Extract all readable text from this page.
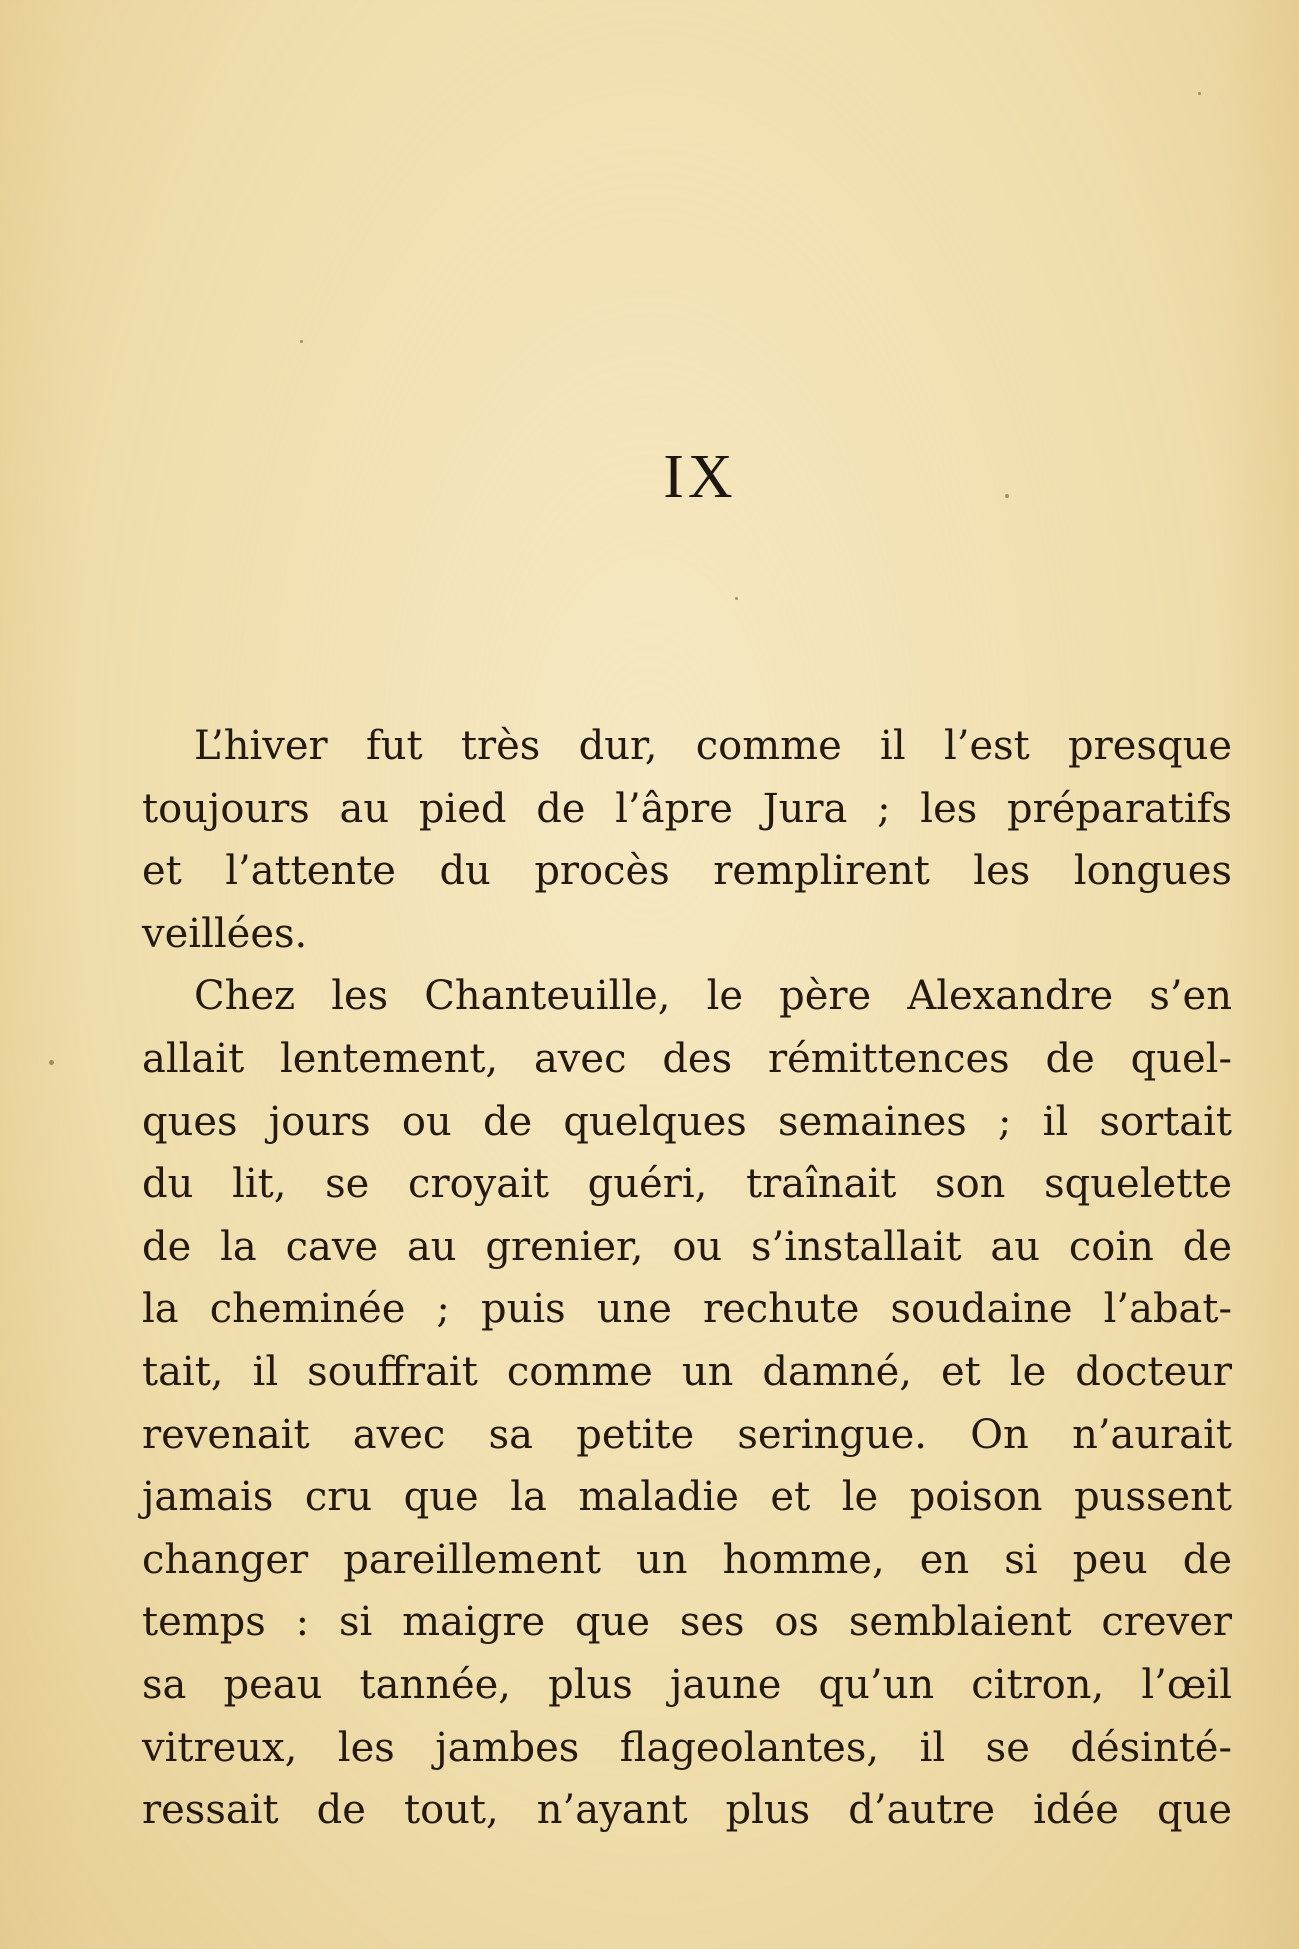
IX
L’hiver fut très dur, comme il l’est presque
toujours au pied de l’âpre Jura ; les préparatifs
et l’attente du procès remplirent les longues
veillées.
Chez les Chanteuille, le père Alexandre s’en
allait lentement, avec des rémittences de quel-
ques jours ou de quelques semaines ; il sortait
du lit, se croyait guéri, traînait son squelette
de la cave au grenier, ou s’installait au coin de
la cheminée ; puis une rechute soudaine l’abat-
tait, il souffrait comme un damné, et le docteur
revenait avec sa petite seringue. On n’aurait
jamais cru que la maladie et le poison pussent
changer pareillement un homme, en si peu de
temps : si maigre que ses os semblaient crever
sa peau tannée, plus jaune qu’un citron, l’œil
vitreux, les jambes flageolantes, il se désinté-
ressait de tout, n’ayant plus d’autre idée que
